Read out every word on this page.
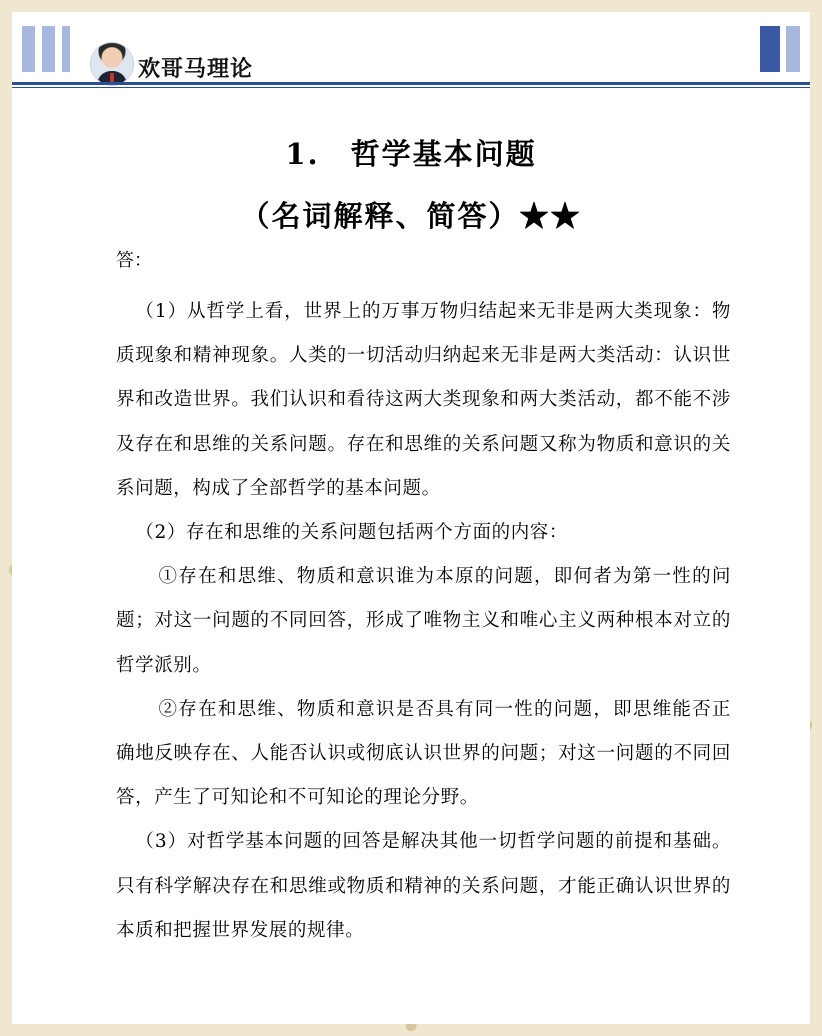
欢哥马理论
1.　哲学基本问题
（名词解释、简答）★★
答：

（1）从哲学上看，世界上的万事万物归结起来无非是两大类现象：物质现象和精神现象。人类的一切活动归纳起来无非是两大类活动：认识世界和改造世界。我们认识和看待这两大类现象和两大类活动，都不能不涉及存在和思维的关系问题。存在和思维的关系问题又称为物质和意识的关系问题，构成了全部哲学的基本问题。

（2）存在和思维的关系问题包括两个方面的内容：

①存在和思维、物质和意识谁为本原的问题，即何者为第一性的问题；对这一问题的不同回答，形成了唯物主义和唯心主义两种根本对立的哲学派别。

②存在和思维、物质和意识是否具有同一性的问题，即思维能否正确地反映存在、人能否认识或彻底认识世界的问题；对这一问题的不同回答，产生了可知论和不可知论的理论分野。

（3）对哲学基本问题的回答是解决其他一切哲学问题的前提和基础。只有科学解决存在和思维或物质和精神的关系问题，才能正确认识世界的本质和把握世界发展的规律。
